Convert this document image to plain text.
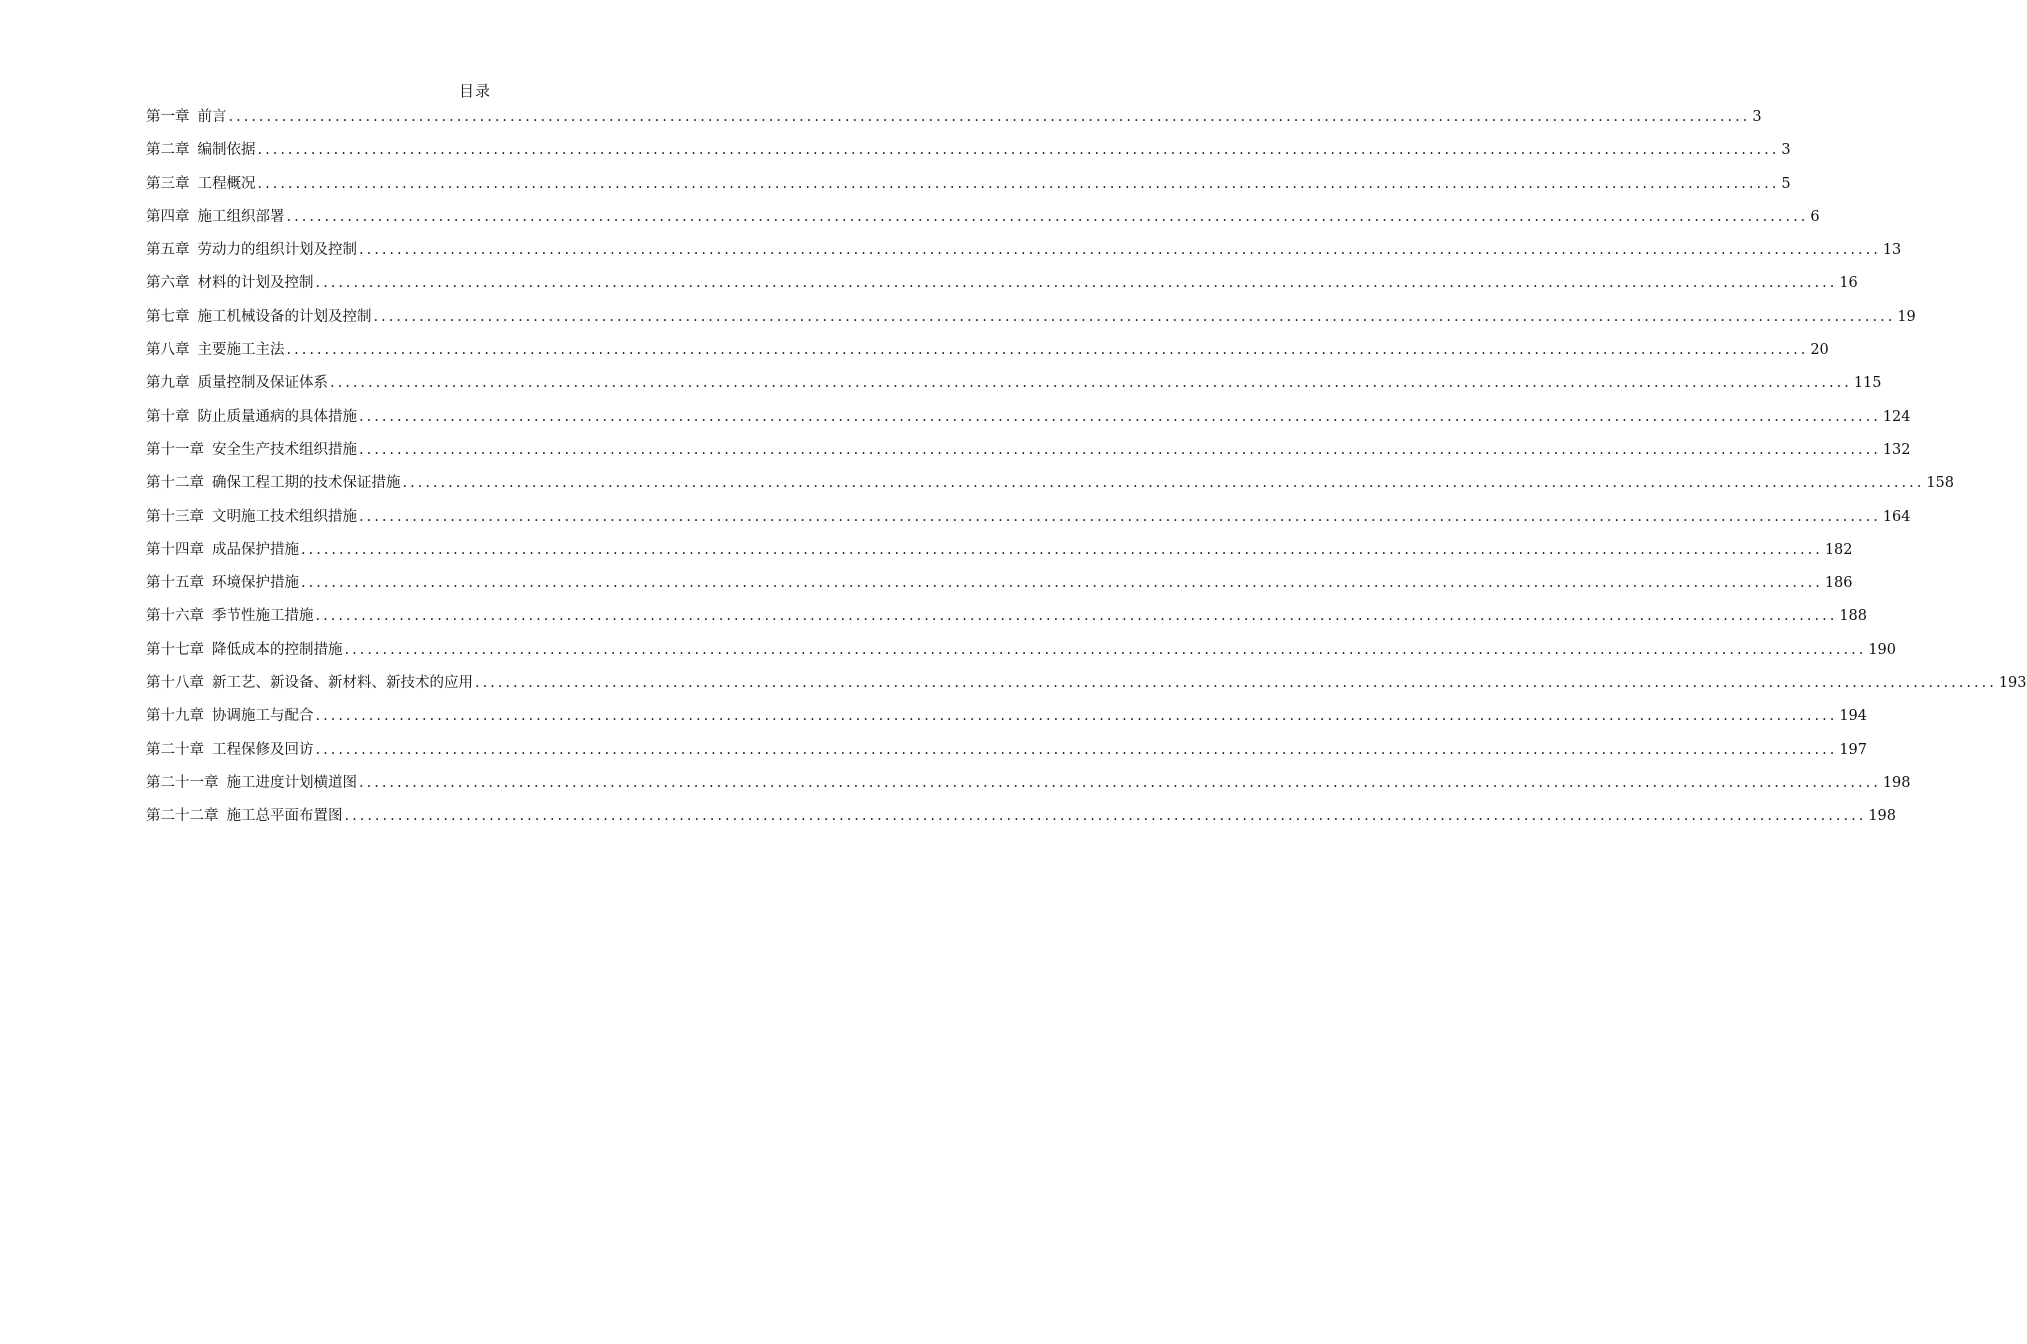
目录
第一章 前言 ........................................................................................................................................................................................................ 3
第二章 编制依据 ........................................................................................................................................................................................................ 3
第三章 工程概况 ........................................................................................................................................................................................................ 5
第四章 施工组织部署 ........................................................................................................................................................................................................ 6
第五章 劳动力的组织计划及控制 ........................................................................................................................................................................................................ 13
第六章 材料的计划及控制 ........................................................................................................................................................................................................ 16
第七章 施工机械设备的计划及控制 ........................................................................................................................................................................................................ 19
第八章 主要施工主法 ........................................................................................................................................................................................................ 20
第九章 质量控制及保证体系 ........................................................................................................................................................................................................ 115
第十章 防止质量通病的具体措施 ........................................................................................................................................................................................................ 124
第十一章 安全生产技术组织措施 ........................................................................................................................................................................................................ 132
第十二章 确保工程工期的技术保证措施 ........................................................................................................................................................................................................ 158
第十三章 文明施工技术组织措施 ........................................................................................................................................................................................................ 164
第十四章 成品保护措施 ........................................................................................................................................................................................................ 182
第十五章 环境保护措施 ........................................................................................................................................................................................................ 186
第十六章 季节性施工措施 ........................................................................................................................................................................................................ 188
第十七章 降低成本的控制措施 ........................................................................................................................................................................................................ 190
第十八章 新工艺、新设备、新材料、新技术的应用 ........................................................................................................................................................................................................ 193
第十九章 协调施工与配合 ........................................................................................................................................................................................................ 194
第二十章 工程保修及回访 ........................................................................................................................................................................................................ 197
第二十一章 施工进度计划横道图 ........................................................................................................................................................................................................ 198
第二十二章 施工总平面布置图 ........................................................................................................................................................................................................ 198
